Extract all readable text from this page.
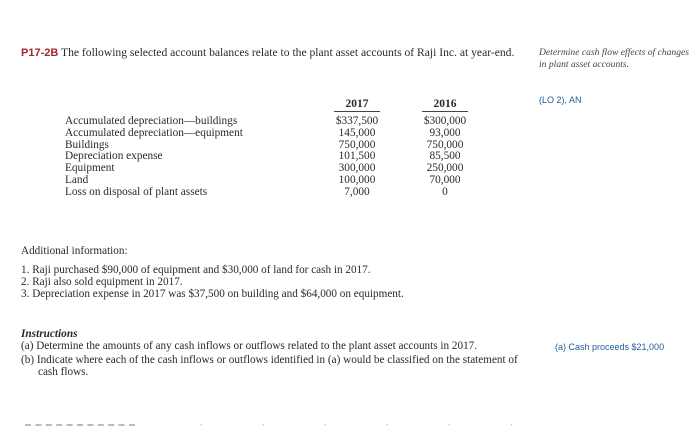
P17-2B The following selected account balances relate to the plant asset accounts of Raji Inc. at year-end.	Determine cash flow effects of changes in plant asset accounts.
(LO 2), AN
(a) Cash proceeds $21,000
2017	2016
Accumulated depreciation—buildings
Accumulated depreciation—equipment
Buildings
Depreciation expense
Equipment
Land
Loss on disposal of plant assets
$337,500
145,000
750,000
101,500
300,000
100,000
7,000
$300,000
93,000
750,000
85,500
250,000
70,000
0
Additional information:
1. Raji purchased $90,000 of equipment and $30,000 of land for cash in 2017.
2. Raji also sold equipment in 2017.
3. Depreciation expense in 2017 was $37,500 on building and $64,000 on equipment.
Instructions
(a) Determine the amounts of any cash inflows or outflows related to the plant asset accounts in 2017.
(b) Indicate where each of the cash inflows or outflows identified in (a) would be classified on the statement of cash flows.
••••••
